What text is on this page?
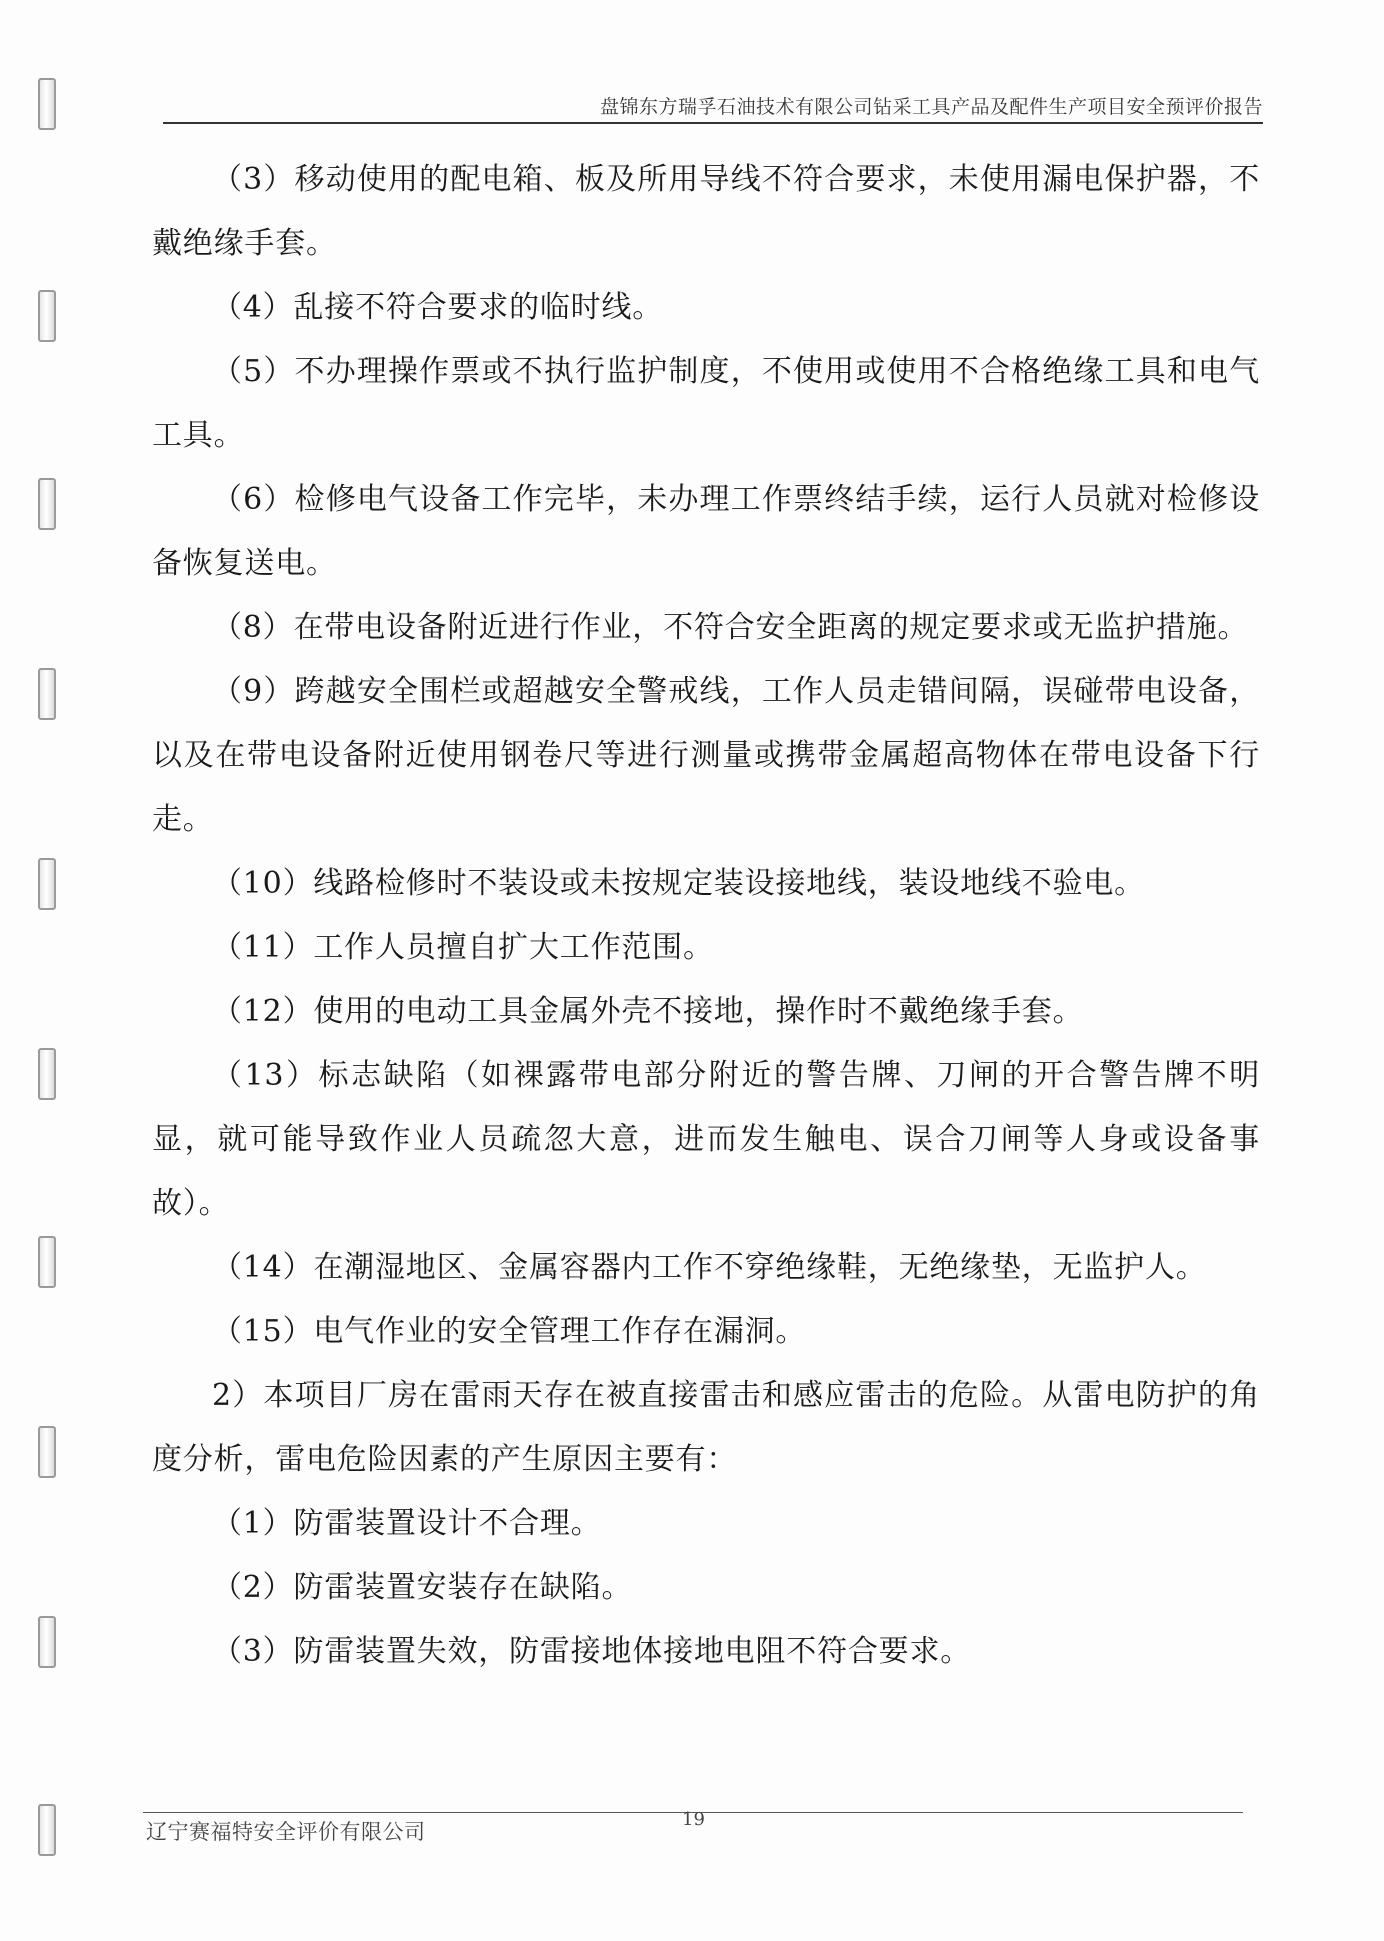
盘锦东方瑞孚石油技术有限公司钻采工具产品及配件生产项目安全预评价报告

（3）移动使用的配电箱、板及所用导线不符合要求，未使用漏电保护器，不戴绝缘手套。

（4）乱接不符合要求的临时线。

（5）不办理操作票或不执行监护制度，不使用或使用不合格绝缘工具和电气工具。

（6）检修电气设备工作完毕，未办理工作票终结手续，运行人员就对检修设备恢复送电。

（8）在带电设备附近进行作业，不符合安全距离的规定要求或无监护措施。

（9）跨越安全围栏或超越安全警戒线，工作人员走错间隔，误碰带电设备，以及在带电设备附近使用钢卷尺等进行测量或携带金属超高物体在带电设备下行走。

（10）线路检修时不装设或未按规定装设接地线，装设地线不验电。

（11）工作人员擅自扩大工作范围。

（12）使用的电动工具金属外壳不接地，操作时不戴绝缘手套。

（13）标志缺陷（如裸露带电部分附近的警告牌、刀闸的开合警告牌不明显，就可能导致作业人员疏忽大意，进而发生触电、误合刀闸等人身或设备事故）。

（14）在潮湿地区、金属容器内工作不穿绝缘鞋，无绝缘垫，无监护人。

（15）电气作业的安全管理工作存在漏洞。

2）本项目厂房在雷雨天存在被直接雷击和感应雷击的危险。从雷电防护的角度分析，雷电危险因素的产生原因主要有：

（1）防雷装置设计不合理。

（2）防雷装置安装存在缺陷。

（3）防雷装置失效，防雷接地体接地电阻不符合要求。

辽宁赛福特安全评价有限公司
19
